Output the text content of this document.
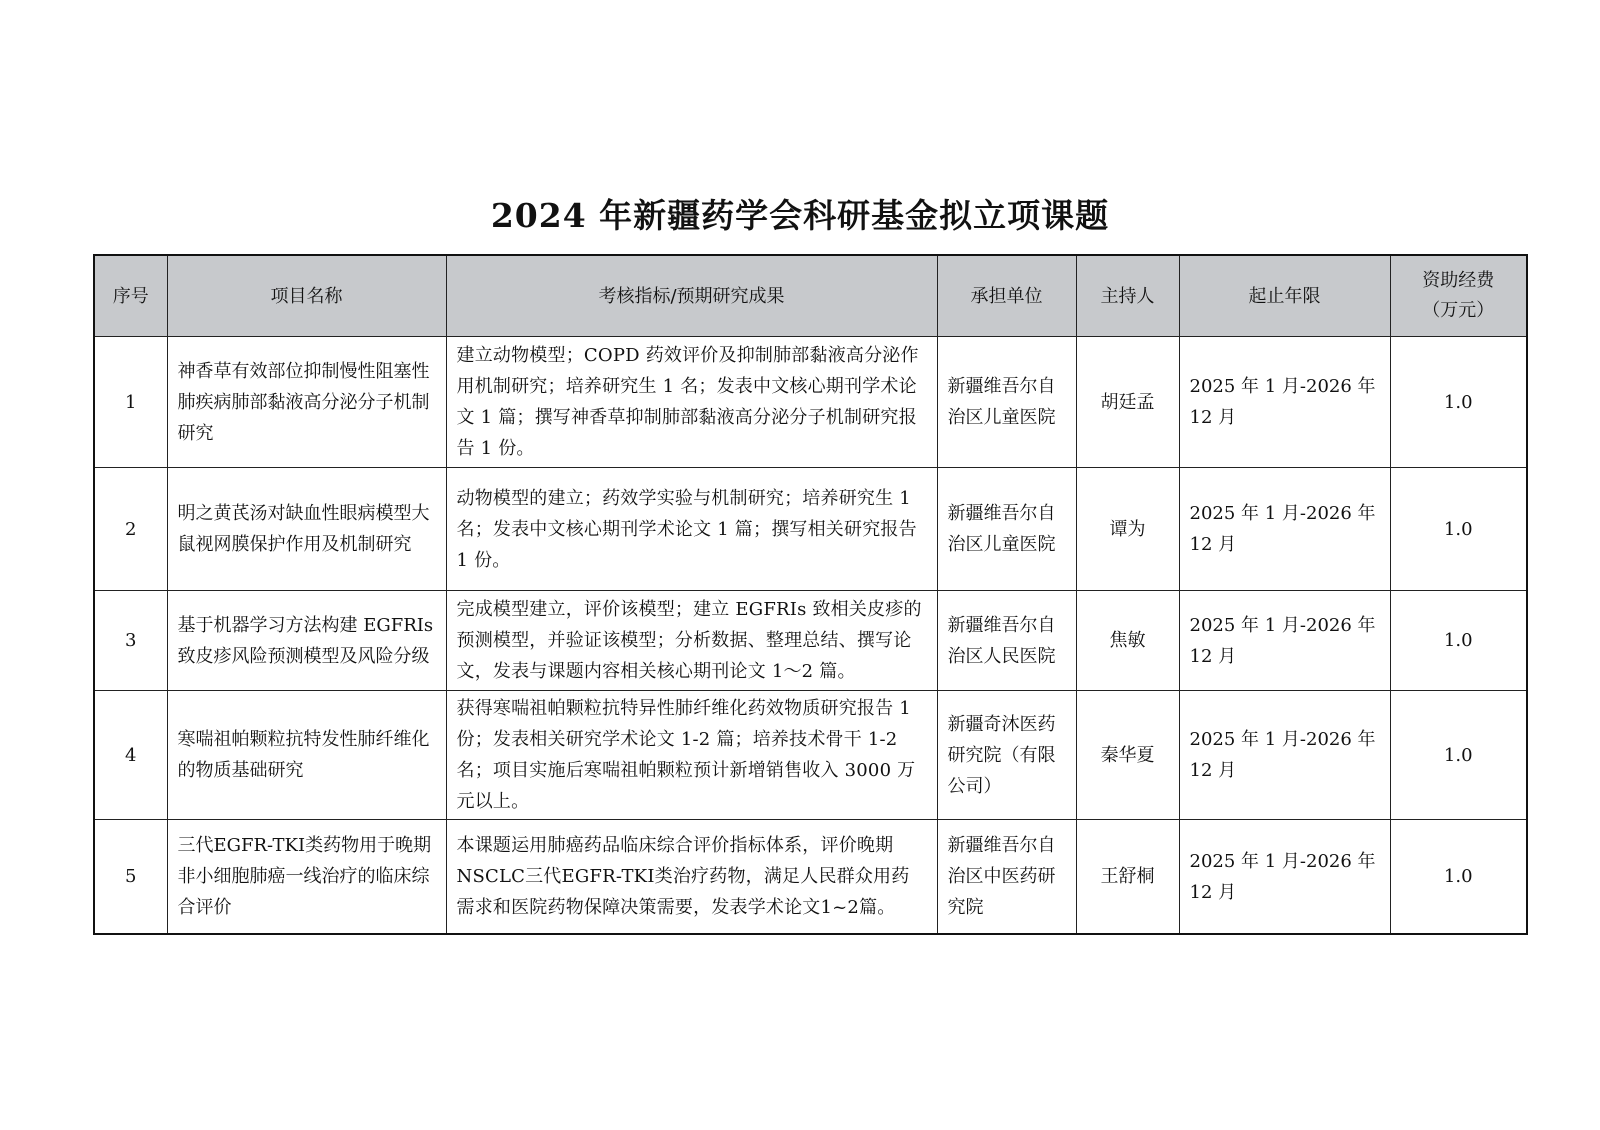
2024 年新疆药学会科研基金拟立项课题
序号	项目名称	考核指标/预期研究成果	承担单位	主持人	起止年限	资助经费
（万元）

1	神香草有效部位抑制慢性阻塞性肺疾病肺部黏液高分泌分子机制研究	建立动物模型；COPD 药效评价及抑制肺部黏液高分泌作用机制研究；培养研究生 1 名；发表中文核心期刊学术论文 1 篇；撰写神香草抑制肺部黏液高分泌分子机制研究报告 1 份。	新疆维吾尔自治区儿童医院	胡廷孟	2025 年 1 月-2026 年 12 月	1.0
2	明之黄芪汤对缺血性眼病模型大鼠视网膜保护作用及机制研究	动物模型的建立；药效学实验与机制研究；培养研究生 1 名；发表中文核心期刊学术论文 1 篇；撰写相关研究报告 1 份。	新疆维吾尔自治区儿童医院	谭为	2025 年 1 月-2026 年 12 月	1.0
3	基于机器学习方法构建 EGFRIs 致皮疹风险预测模型及风险分级	完成模型建立，评价该模型；建立 EGFRIs 致相关皮疹的预测模型，并验证该模型；分析数据、整理总结、撰写论文，发表与课题内容相关核心期刊论文 1～2 篇。	新疆维吾尔自治区人民医院	焦敏	2025 年 1 月-2026 年 12 月	1.0
4	寒喘祖帕颗粒抗特发性肺纤维化的物质基础研究	获得寒喘祖帕颗粒抗特异性肺纤维化药效物质研究报告 1 份；发表相关研究学术论文 1-2 篇；培养技术骨干 1-2 名；项目实施后寒喘祖帕颗粒预计新增销售收入 3000 万元以上。	新疆奇沐医药研究院（有限公司）	秦华夏	2025 年 1 月-2026 年 12 月	1.0
5	三代EGFR-TKI类药物用于晚期非小细胞肺癌一线治疗的临床综合评价	本课题运用肺癌药品临床综合评价指标体系，评价晚期NSCLC三代EGFR-TKI类治疗药物，满足人民群众用药需求和医院药物保障决策需要，发表学术论文1~2篇。	新疆维吾尔自治区中医药研究院	王舒桐	2025 年 1 月-2026 年 12 月	1.0
